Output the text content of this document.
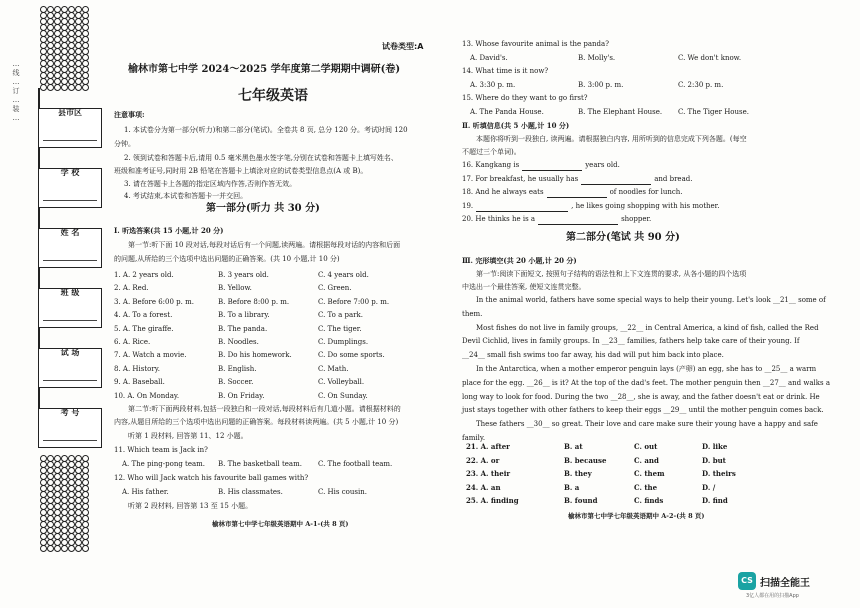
…
线
…
订
…
装
…
县市区
学 校
姓 名
班 级
试 场
考 号
试卷类型:A
榆林市第七中学 2024～2025 学年度第二学期期中调研(卷)
七年级英语
注意事项:
1. 本试卷分为第一部分(听力)和第二部分(笔试)。全卷共 8 页, 总分 120 分。考试时间 120
分钟。
2. 领到试卷和答题卡后,请用 0.5 毫米黑色墨水签字笔,分别在试卷和答题卡上填写姓名、
班级和准考证号,同时用 2B 铅笔在答题卡上填涂对应的试卷类型信息点(A 或 B)。
3. 请在答题卡上各题的指定区域内作答,否则作答无效。
4. 考试结束,本试卷和答题卡一并交回。
第一部分(听力 共 30 分)
Ⅰ. 听选答案(共 15 小题,计 20 分)
第一节:听下面 10 段对话,每段对话后有一个问题,读两遍。请根据每段对话的内容和后面
的问题,从所给的三个选项中选出问题的正确答案。(共 10 小题,计 10 分)
1. A. 2 years old.	B. 3 years old.	C. 4 years old.
2. A. Red.	B. Yellow.	C. Green.
3. A. Before 6:00 p. m.	B. Before 8:00 p. m.	C. Before 7:00 p. m.
4. A. To a forest.	B. To a library.	C. To a park.
5. A. The giraffe.	B. The panda.	C. The tiger.
6. A. Rice.	B. Noodles.	C. Dumplings.
7. A. Watch a movie.	B. Do his homework.	C. Do some sports.
8. A. History.	B. English.	C. Math.
9. A. Baseball.	B. Soccer.	C. Volleyball.
10. A. On Monday.	B. On Friday.	C. On Sunday.
第二节:听下面两段材料,包括一段独白和一段对话,每段材料后有几道小题。请根据材料的
内容,从题目所给的三个选项中选出问题的正确答案。每段材料读两遍。(共 5 小题,计 10 分)
听第 1 段材料, 回答第 11、12 小题。
11. Which team is Jack in?
A. The ping-pong team. B. The basketball team. C. The football team.
12. Who will Jack watch his favourite ball games with?
A. His father.	B. His classmates.	C. His cousin.
听第 2 段材料, 回答第 13 至 15 小题。
榆林市第七中学七年级英语期中 A-1-(共 8 页)
13. Whose favourite animal is the panda?
A. David's.	B. Molly's.	C. We don't know.
14. What time is it now?
A. 3:30 p. m.	B. 3:00 p. m.	C. 2:30 p. m.
15. Where do they want to go first?
A. The Panda House.	B. The Elephant House. C. The Tiger House.
Ⅱ. 听填信息(共 5 小题,计 10 分)
本题你将听到一段独白, 读两遍。请根据独白内容, 用所听到的信息完成下列各题。(每空
不超过三个单词)。
16. Kangkang is	years old.
17. For breakfast, he usually has	and bread.
18. And he always eats	of noodles for lunch.
19.	, he likes going shopping with his mother.
20. He thinks he is a	shopper.
第二部分(笔试 共 90 分)
Ⅲ. 完形填空(共 20 小题,计 20 分)
第一节:阅读下面短文, 按照句子结构的语法性和上下文连贯的要求, 从各小题的四个选项
中选出一个最佳答案, 使短文连贯完整。
In the animal world, fathers have some special ways to help their young. Let's look __21__ some of
them.
Most fishes do not live in family groups, __22__ in Central America, a kind of fish, called the Red
Devil Cichlid, lives in family groups. In __23__ families, fathers help take care of their young. If
__24__ small fish swims too far away, his dad will put him back into place.
In the Antarctica, when a mother emperor penguin lays (产卵) an egg, she has to __25__ a warm
place for the egg. __26__ is it? At the top of the dad's feet. The mother penguin then __27__ and walks a
long way to look for food. During the two __28__, she is away, and the father doesn't eat or drink. He
just stays together with other fathers to keep their eggs __29__ until the mother penguin comes back.
These fathers __30__ so great. Their love and care make sure their young have a happy and safe
family.
21. A. after	B. at	C. out	D. like
22. A. or	B. because	C. and	D. but
23. A. their	B. they	C. them	D. theirs
24. A. an	B. a	C. the	D. /
25. A. finding	B. found	C. finds	D. find
榆林市第七中学七年级英语期中 A-2-(共 8 页)
CS 扫描全能王
3亿人都在用的扫描App
